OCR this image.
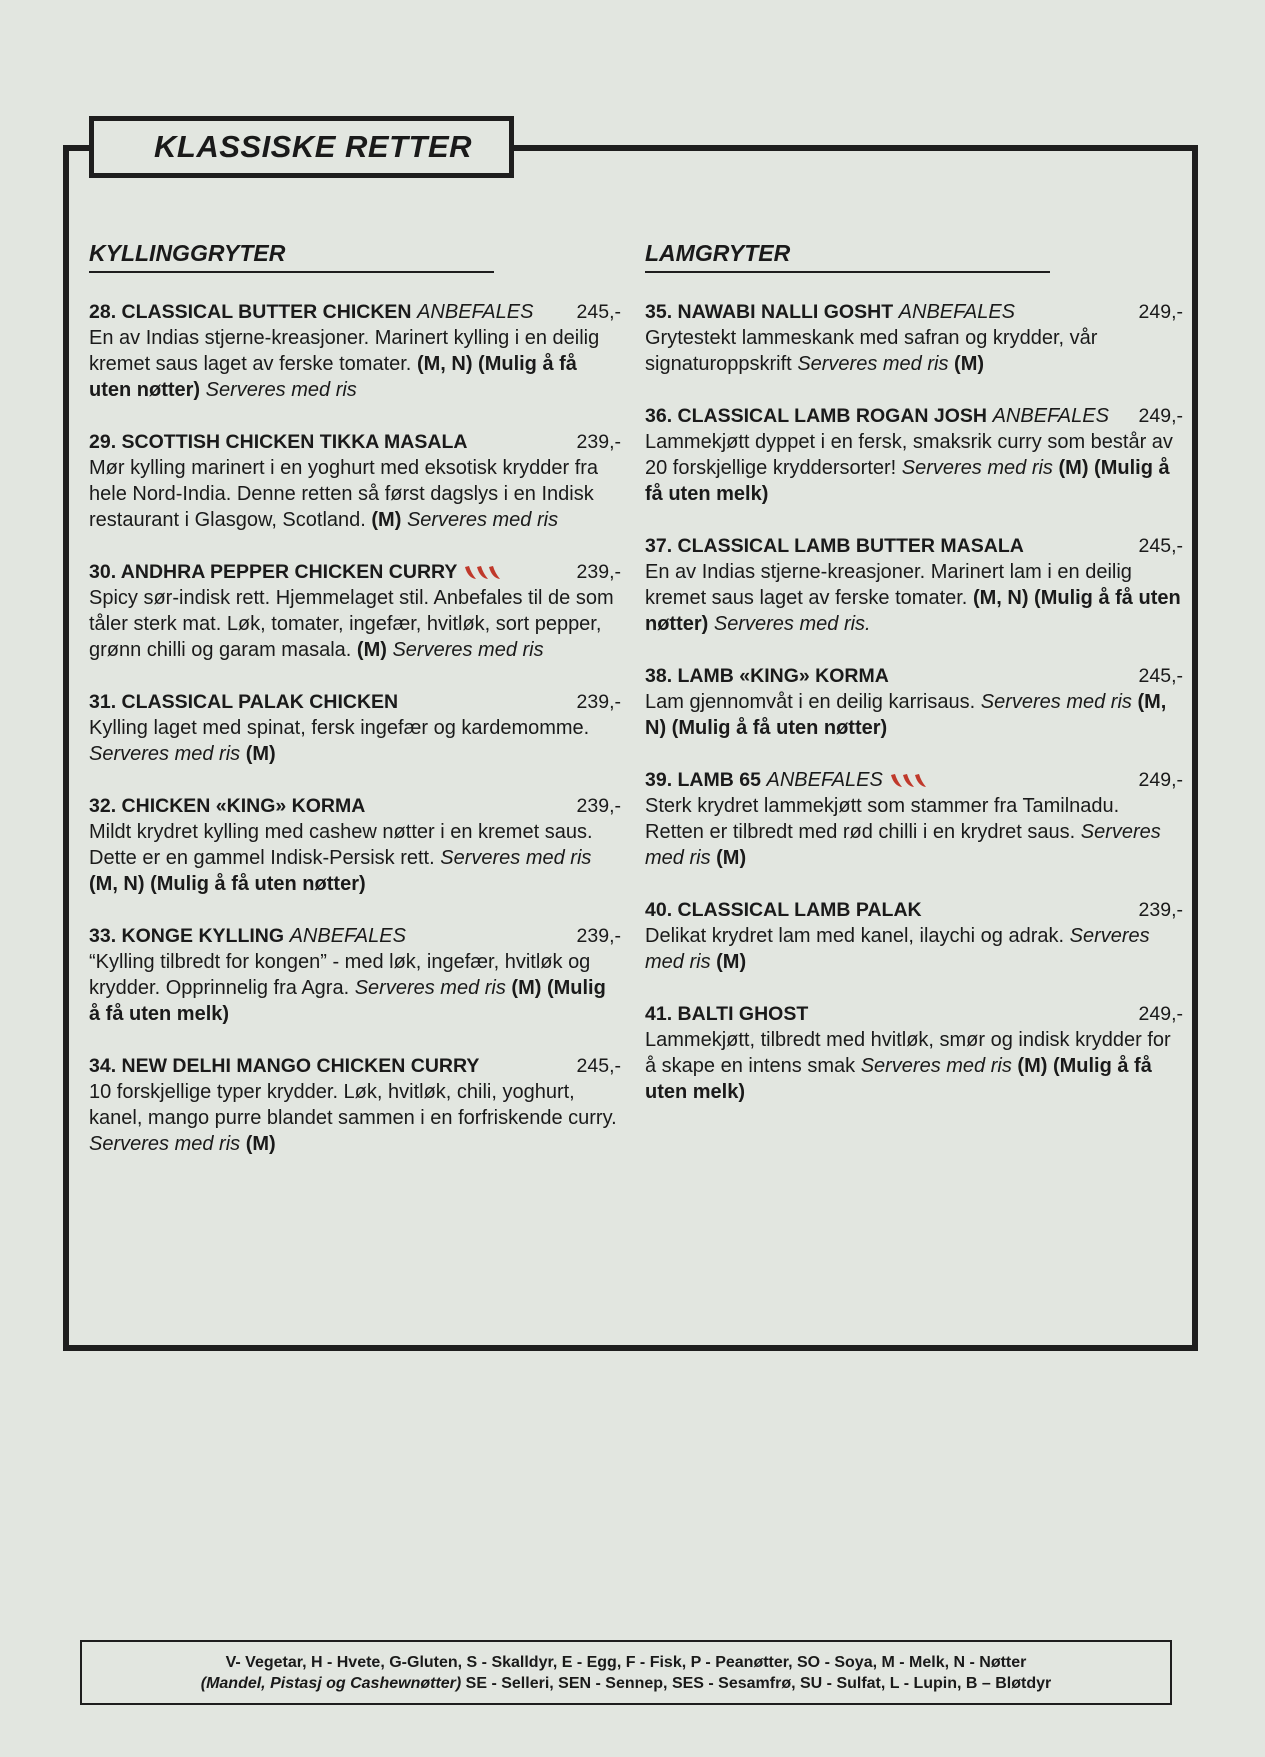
KLASSISKE RETTER
KYLLINGGRYTER
28. CLASSICAL BUTTER CHICKEN ANBEFALES 245,-

En av Indias stjerne-kreasjoner. Marinert kylling i en deilig kremet saus laget av ferske tomater. (M, N) (Mulig å få uten nøtter) Serveres med ris

29. SCOTTISH CHICKEN TIKKA MASALA	239,-

Mør kylling marinert i en yoghurt med eksotisk krydder fra hele Nord-India. Denne retten så først dagslys i en Indisk restaurant i Glasgow, Scotland. (M) Serveres med ris

30. ANDHRA PEPPER CHICKEN CURRY	239,-

Spicy sør-indisk rett. Hjemmelaget stil. Anbefales til de som tåler sterk mat. Løk, tomater, ingefær, hvitløk, sort pepper, grønn chilli og garam masala. (M) Serveres med ris

31. CLASSICAL PALAK CHICKEN	239,-

Kylling laget med spinat, fersk ingefær og kardemomme. Serveres med ris (M)

32. CHICKEN «KING» KORMA	239,-

Mildt krydret kylling med cashew nøtter i en kremet saus. Dette er en gammel Indisk-Persisk rett. Serveres med ris (M, N) (Mulig å få uten nøtter)

33. KONGE KYLLING ANBEFALES	239,-

“Kylling tilbredt for kongen” - med løk, ingefær, hvitløk og krydder. Opprinnelig fra Agra. Serveres med ris (M) (Mulig å få uten melk)

34. NEW DELHI MANGO CHICKEN CURRY	245,-

10 forskjellige typer krydder. Løk, hvitløk, chili, yoghurt, kanel, mango purre blandet sammen i en forfriskende curry. Serveres med ris (M)

LAMGRYTER
35. NAWABI NALLI GOSHT ANBEFALES	249,-

Grytestekt lammeskank med safran og krydder, vår signaturoppskrift Serveres med ris (M)

36. CLASSICAL LAMB ROGAN JOSH ANBEFALES 249,-

Lammekjøtt dyppet i en fersk, smaksrik curry som består av 20 forskjellige kryddersorter! Serveres med ris (M) (Mulig å få uten melk)

37. CLASSICAL LAMB BUTTER MASALA	245,-

En av Indias stjerne-kreasjoner. Marinert lam i en deilig kremet saus laget av ferske tomater. (M, N) (Mulig å få uten nøtter) Serveres med ris.

38. LAMB «KING» KORMA	245,-

Lam gjennomvåt i en deilig karrisaus. Serveres med ris (M, N) (Mulig å få uten nøtter)

39. LAMB 65 ANBEFALES	249,-

Sterk krydret lammekjøtt som stammer fra Tamilnadu. Retten er tilbredt med rød chilli i en krydret saus. Serveres med ris (M)

40. CLASSICAL LAMB PALAK	239,-

Delikat krydret lam med kanel, ilaychi og adrak. Serveres med ris (M)

41. BALTI GHOST	249,-

Lammekjøtt, tilbredt med hvitløk, smør og indisk krydder for å skape en intens smak Serveres med ris (M) (Mulig å få uten melk)

V- Vegetar, H - Hvete, G-Gluten, S - Skalldyr, E - Egg, F - Fisk, P - Peanøtter, SO - Soya, M - Melk, N - Nøtter
(Mandel, Pistasj og Cashewnøtter) SE - Selleri, SEN - Sennep, SES - Sesamfrø, SU - Sulfat, L - Lupin, B – Bløtdyr
